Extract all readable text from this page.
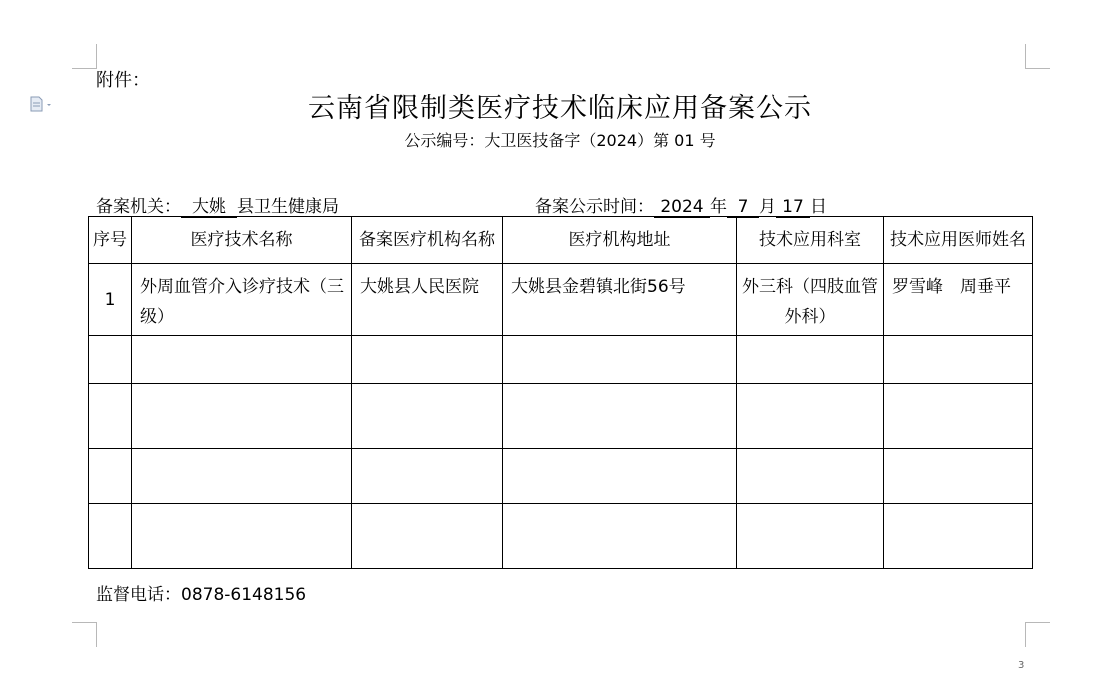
附件：
云南省限制类医疗技术临床应用备案公示
公示编号：大卫医技备字（2024）第 01 号
备案机关： 大姚 县卫生健康局	备案公示时间： 2024 年 7 月 17 日
序号	医疗技术名称	备案医疗机构名称	医疗机构地址	技术应用科室	技术应用医师姓名
1	外周血管介入诊疗技术（三级）	大姚县人民医院	大姚县金碧镇北街56号	外三科（四肢血管外科）	罗雪峰　周垂平

监督电话：0878-6148156
3
